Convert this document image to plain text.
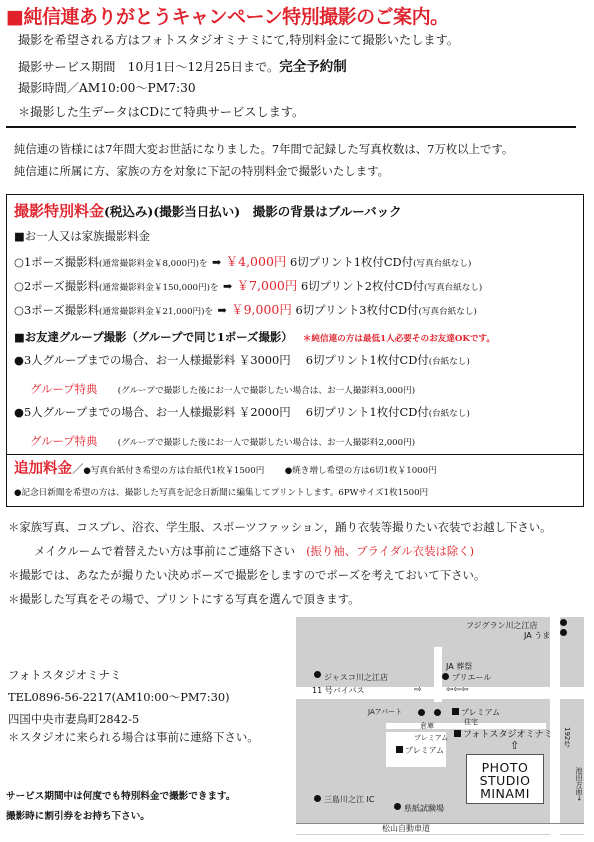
■純信連ありがとうキャンペーン特別撮影のご案内。
撮影を希望される方はフォトスタジオミナミにて,特別料金にて撮影いたします。
撮影サービス期間　10月1日～12月25日まで。完全予約制
撮影時間／AM10:00～PM7:30
＊撮影した生データはCDにて特典サービスします。
純信連の皆様には7年間大変お世話になりました。7年間で記録した写真枚数は、7万枚以上です。
純信連に所属に方、家族の方を対象に下記の特別料金で撮影いたします。
撮影特別料金(税込み)(撮影当日払い)　撮影の背景はブルーバック
■お一人又は家族撮影料金
○1ポーズ撮影料(通常撮影料金￥8,000円)を ➡ ￥4,000円 6切プリント1枚付CD付(写真台紙なし)
○2ポーズ撮影料(通常撮影料金￥150,000円)を ➡ ￥7,000円 6切プリント2枚付CD付(写真台紙なし)
○3ポーズ撮影料(通常撮影料金￥21,000円)を ➡ ￥9,000円 6切プリント3枚付CD付(写真台紙なし)
■お友達グループ撮影（グループで同じ1ポーズ撮影） ＊純信連の方は最低1人必要そのお友達OKです。
●3人グループまでの場合、お一人様撮影料 ￥3000円　 6切プリント1枚付CD付(台紙なし)
グループ特典 (グループで撮影した後にお一人で撮影したい場合は、お一人撮影料3,000円)
●5人グループまでの場合、お一人様撮影料 ￥2000円　 6切プリント1枚付CD付(台紙なし)
グループ特典 (グループで撮影した後にお一人で撮影したい場合は、お一人撮影料2,000円)
追加料金／●写真台紙付き希望の方は台紙代1枚￥1500円 ●焼き増し希望の方は6切1枚￥1000円
●記念日新聞を希望の方は、撮影した写真を記念日新聞に編集してプリントします。6PWサイズ1枚1500円
＊家族写真、コスプレ、浴衣、学生服、スポーツファッション，踊り衣装等撮りたい衣装でお越し下さい。
メイクルームで着替えたい方は事前にご連絡下さい (振り袖、ブライダル衣装は除く)
＊撮影では、あなたが撮りたい決めポーズで撮影をしますのでポーズを考えておいて下さい。
＊撮影した写真をその場で、プリントにする写真を選んで頂きます。
フォトスタジオミナミ
TEL0896-56-2217(AM10:00～PM7:30)
四国中央市妻鳥町2842-5
＊スタジオに来られる場合は事前に連絡下さい。
サービス期間中は何度でも特別料金で撮影できます。
撮影時に割引券をお持ち下さい。
フジグラン川之江店
JA うま
ジャスコ川之江店
JA 葬祭
プリエール
11 号バイパス	⇨	⇦⇦⇦
JAアパート	プレミアム
倉庫
プレミアム
住宅
フォトスタジオミナミ
⇧
プレミアム
PHOTO
STUDIO
MINAMI
192号
池田方面→
三島川之江 IC
県紙試験場
松山自動車道
